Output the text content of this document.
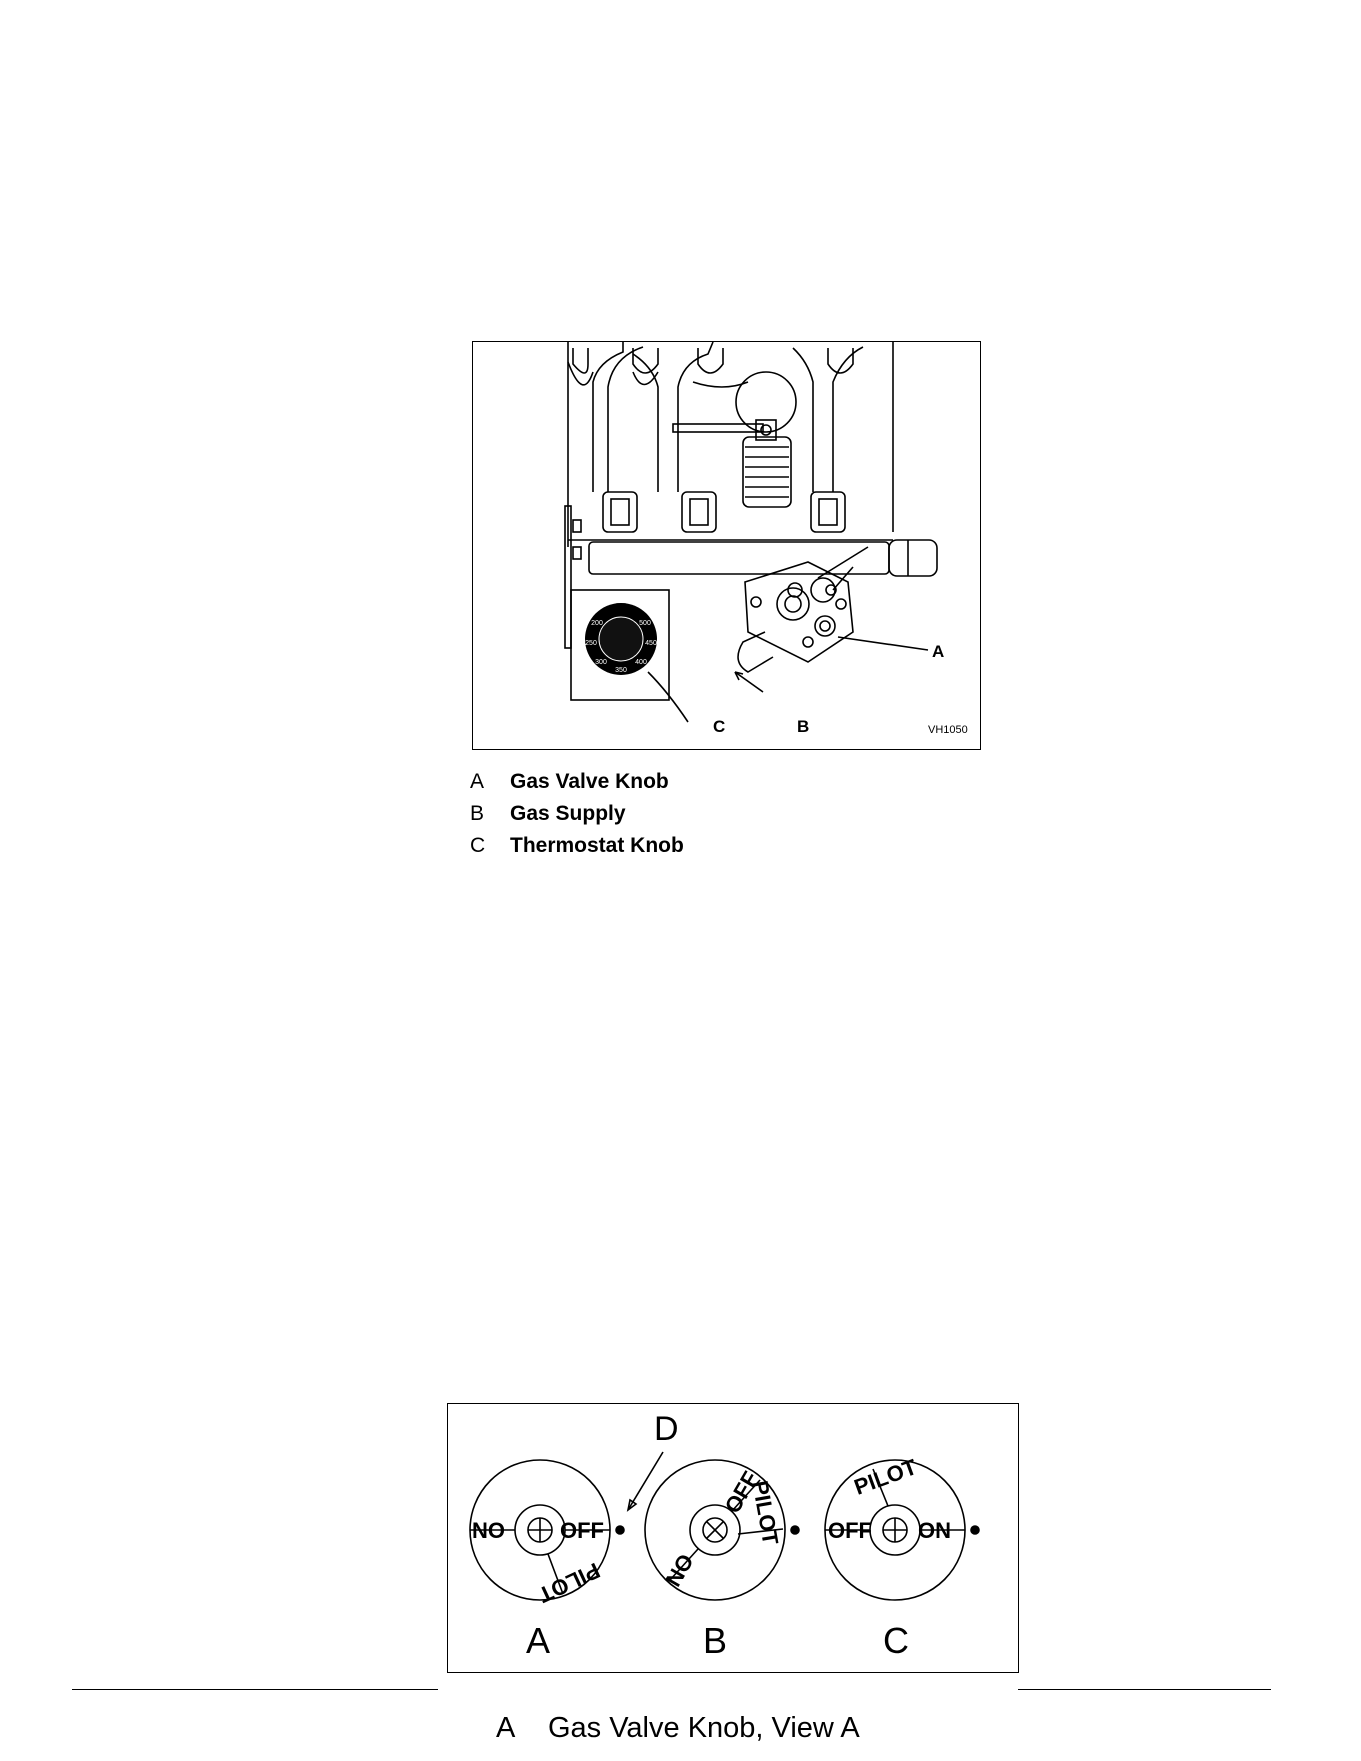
OFF
500
450
400
350
300
250
200
A
B
C	VH1050
A	Gas Valve Knob
B	Gas Supply
C	Thermostat Knob
NO	OFF
PILOT	NO
OFF
PILOT OFF ON
PILOT
D
A	B	C
A	Gas Valve Knob, View A
